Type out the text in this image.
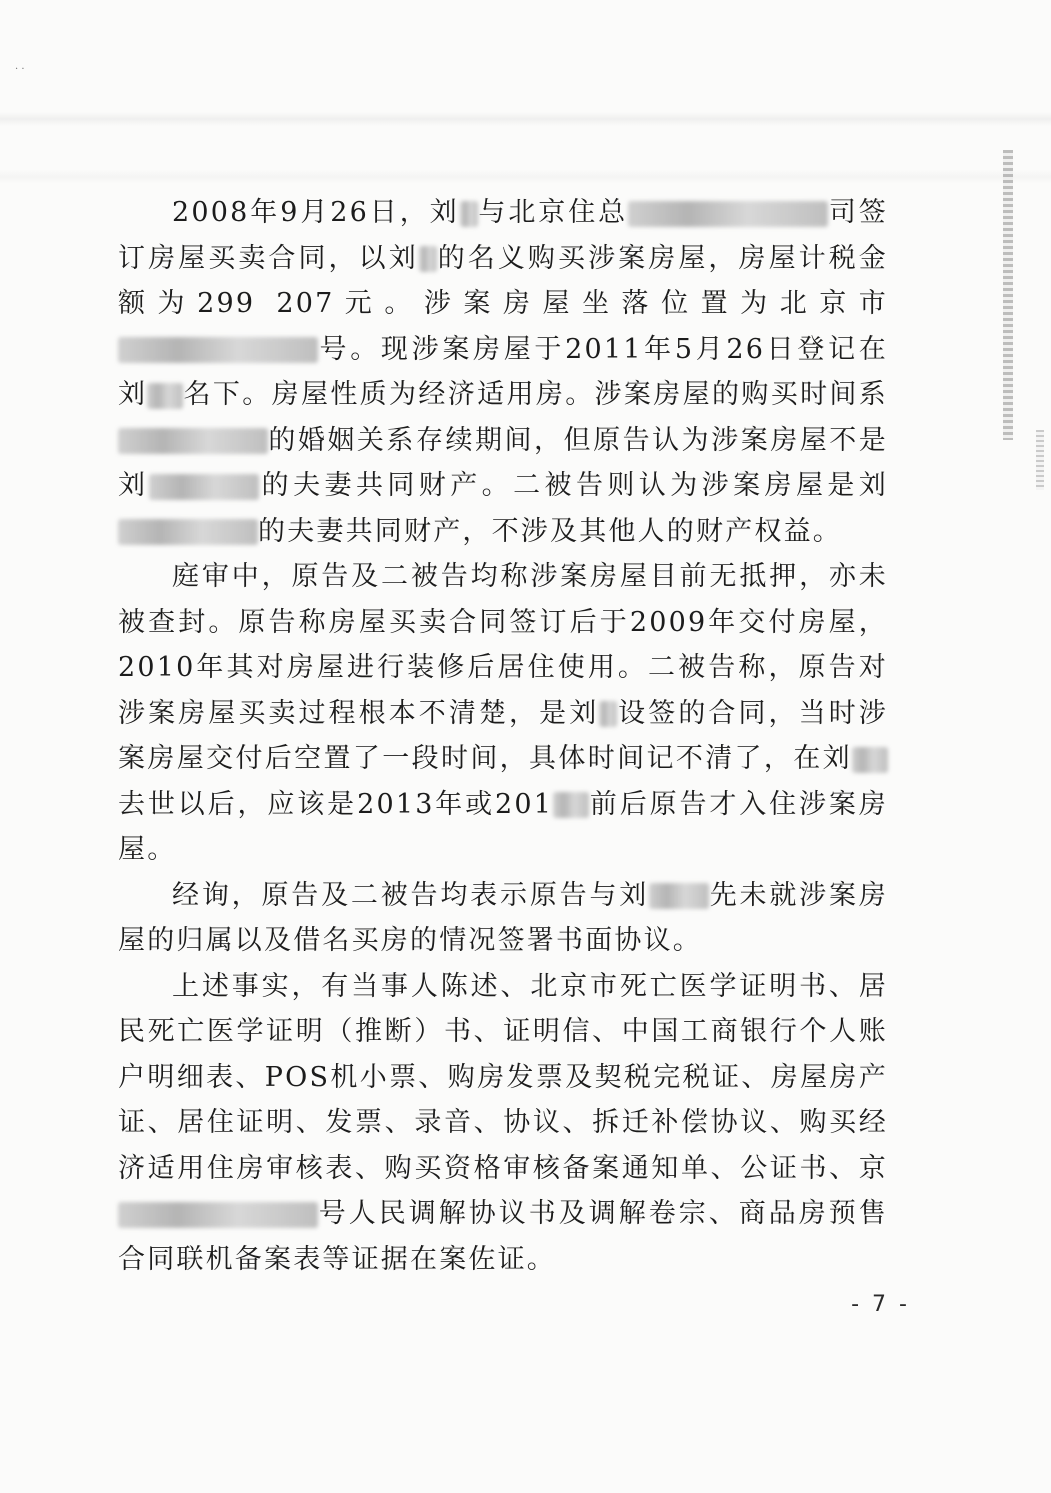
· ·

2008年9月26日，刘 与北京住总	司签订房屋买卖合同，以刘 的名义购买涉案房屋，房屋计税金额为299 207元。涉案房屋坐落位置为北京市号。现涉案房屋于2011年5月26日登记在刘 名下。房屋性质为经济适用房。涉案房屋的购买时间系的婚姻关系存续期间，但原告认为涉案房屋不是刘	的夫妻共同财产。二被告则认为涉案房屋是刘的夫妻共同财产，不涉及其他人的财产权益。

庭审中，原告及二被告均称涉案房屋目前无抵押，亦未被查封。原告称房屋买卖合同签订后于2009年交付房屋，2010年其对房屋进行装修后居住使用。二被告称，原告对涉案房屋买卖过程根本不清楚，是刘 设签的合同，当时涉案房屋交付后空置了一段时间，具体时间记不清了，在刘去世以后，应该是2013年或201 前后原告才入住涉案房屋。

经询，原告及二被告均表示原告与刘 先未就涉案房屋的归属以及借名买房的情况签署书面协议。

上述事实，有当事人陈述、北京市死亡医学证明书、居民死亡医学证明（推断）书、证明信、中国工商银行个人账户明细表、POS机小票、购房发票及契税完税证、房屋房产证、居住证明、发票、录音、协议、拆迁补偿协议、购买经济适用住房审核表、购买资格审核备案通知单、公证书、京号人民调解协议书及调解卷宗、商品房预售合同联机备案表等证据在案佐证。

- 7 -
